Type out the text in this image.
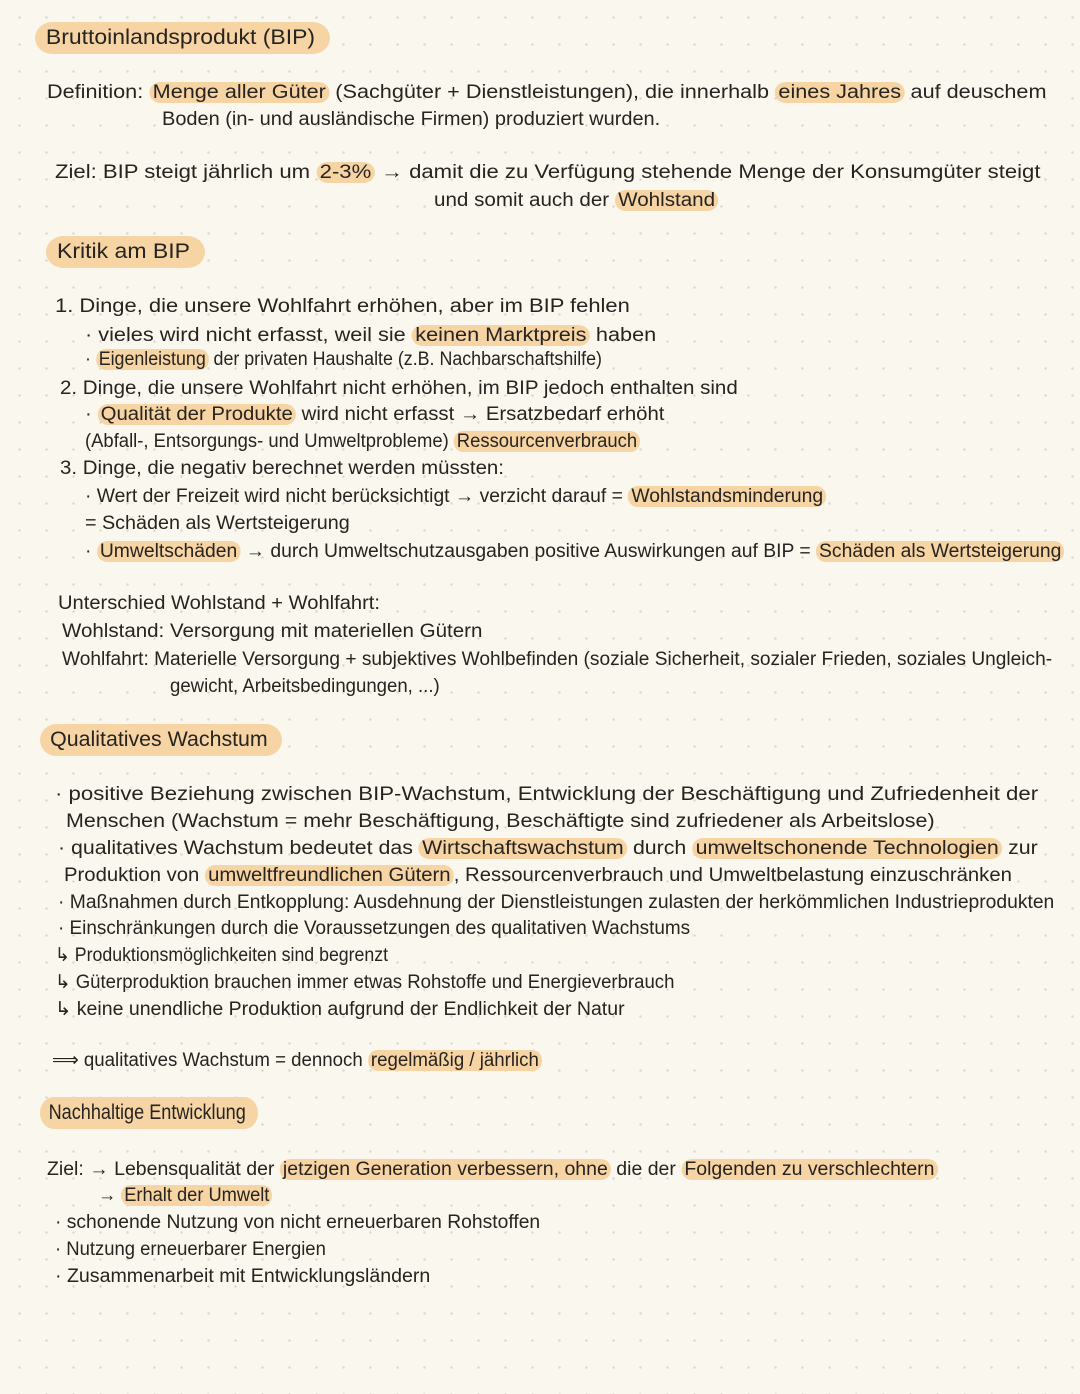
Bruttoinlandsprodukt (BIP)
Kritik am BIP
Qualitatives Wachstum
Nachhaltige Entwicklung
Definition: Menge aller Güter (Sachgüter + Dienstleistungen), die innerhalb eines Jahres auf deuschem
Boden (in- und ausländische Firmen) produziert wurden.
Ziel: BIP steigt jährlich um 2-3% → damit die zu Verfügung stehende Menge der Konsumgüter steigt
und somit auch der Wohlstand
1. Dinge, die unsere Wohlfahrt erhöhen, aber im BIP fehlen
· vieles wird nicht erfasst, weil sie keinen Marktpreis haben
· Eigenleistung der privaten Haushalte (z.B. Nachbarschaftshilfe)
2. Dinge, die unsere Wohlfahrt nicht erhöhen, im BIP jedoch enthalten sind
· Qualität der Produkte wird nicht erfasst → Ersatzbedarf erhöht
(Abfall-, Entsorgungs- und Umweltprobleme) Ressourcenverbrauch
3. Dinge, die negativ berechnet werden müssten:
· Wert der Freizeit wird nicht berücksichtigt → verzicht darauf = Wohlstandsminderung
= Schäden als Wertsteigerung
· Umweltschäden → durch Umweltschutzausgaben positive Auswirkungen auf BIP = Schäden als Wertsteigerung
Unterschied Wohlstand + Wohlfahrt:
Wohlstand: Versorgung mit materiellen Gütern
Wohlfahrt: Materielle Versorgung + subjektives Wohlbefinden (soziale Sicherheit, sozialer Frieden, soziales Ungleich-
gewicht, Arbeitsbedingungen, ...)
· positive Beziehung zwischen BIP-Wachstum, Entwicklung der Beschäftigung und Zufriedenheit der
Menschen (Wachstum = mehr Beschäftigung, Beschäftigte sind zufriedener als Arbeitslose)
· qualitatives Wachstum bedeutet das Wirtschaftswachstum durch umweltschonende Technologien zur
Produktion von umweltfreundlichen Gütern , Ressourcenverbrauch und Umweltbelastung einzuschränken
· Maßnahmen durch Entkopplung: Ausdehnung der Dienstleistungen zulasten der herkömmlichen Industrieprodukten
· Einschränkungen durch die Voraussetzungen des qualitativen Wachstums
↳ Produktionsmöglichkeiten sind begrenzt
↳ Güterproduktion brauchen immer etwas Rohstoffe und Energieverbrauch
↳ keine unendliche Produktion aufgrund der Endlichkeit der Natur
⟹ qualitatives Wachstum = dennoch regelmäßig / jährlich
Ziel: → Lebensqualität der jetzigen Generation verbessern, ohne die der Folgenden zu verschlechtern
→ Erhalt der Umwelt
· schonende Nutzung von nicht erneuerbaren Rohstoffen
· Nutzung erneuerbarer Energien
· Zusammenarbeit mit Entwicklungsländern
